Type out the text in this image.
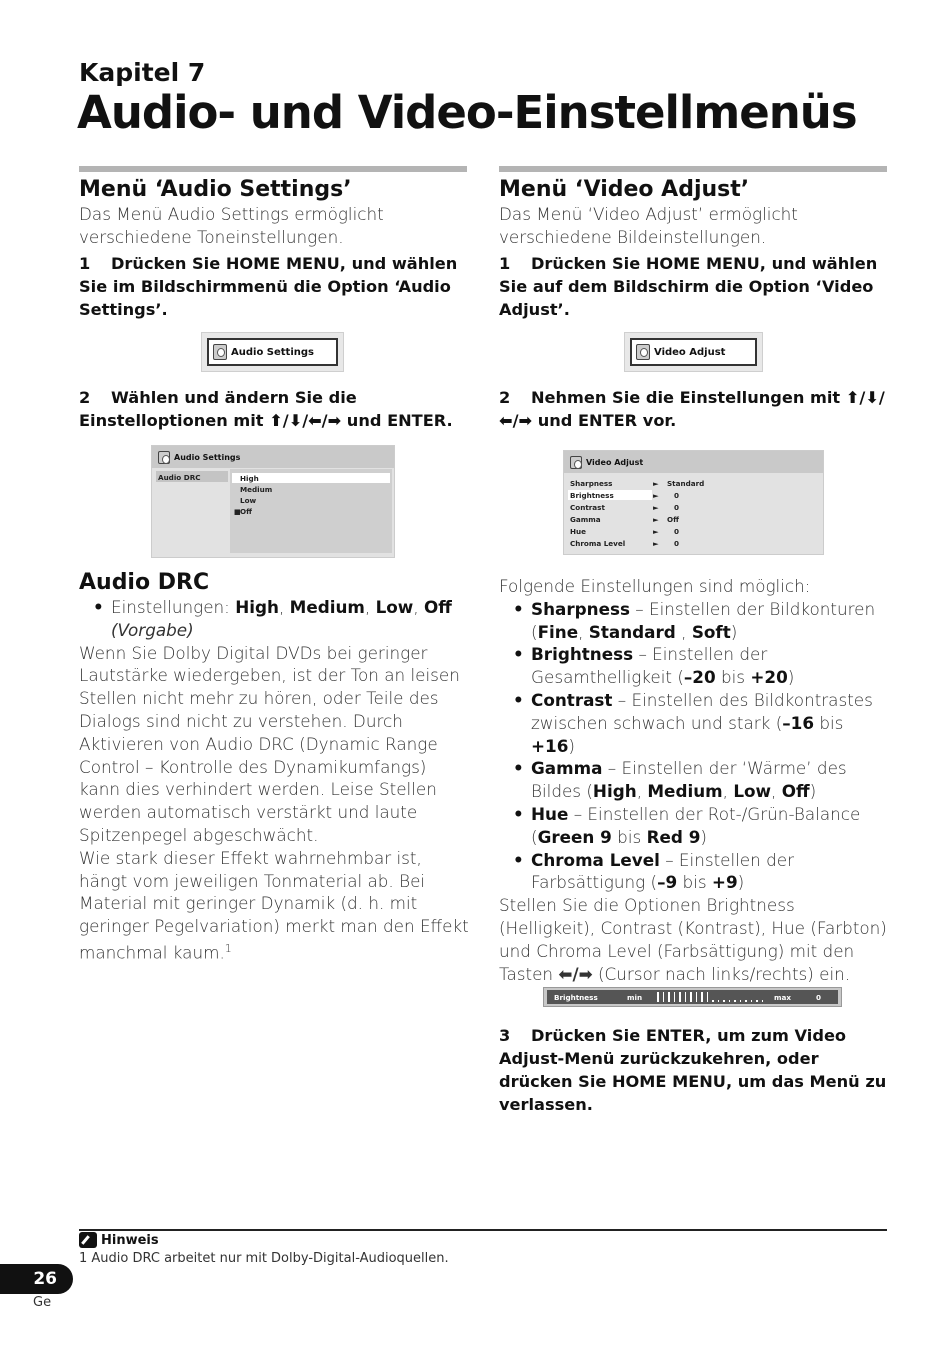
Kapitel 7
Audio- und Video-Einstellmenüs
Menü ‘Audio Settings’
Das Menü Audio Settings ermöglicht verschiedene Toneinstellungen.
1 Drücken Sie HOME MENU, und wählen Sie im Bildschirmmenü die Option ‘Audio Settings’.
Audio Settings
2 Wählen und ändern Sie die Einstelloptionen mit ⬆/⬇/⬅/➡ und ENTER.
Audio Settings
Audio DRC	High
Medium
Low
■ Off
Audio DRC
• Einstellungen: High, Medium, Low, Off (Vorgabe)
Wenn Sie Dolby Digital DVDs bei geringer Lautstärke wiedergeben, ist der Ton an leisen Stellen nicht mehr zu hören, oder Teile des Dialogs sind nicht zu verstehen. Durch Aktivieren von Audio DRC (Dynamic Range Control – Kontrolle des Dynamikumfangs) kann dies verhindert werden. Leise Stellen werden automatisch verstärkt und laute Spitzenpegel abgeschwächt.
Wie stark dieser Effekt wahrnehmbar ist, hängt vom jeweiligen Tonmaterial ab. Bei Material mit geringer Dynamik (d. h. mit geringer Pegelvariation) merkt man den Effekt manchmal kaum.$^1$
Menü ‘Video Adjust’
Das Menü ‘Video Adjust’ ermöglicht verschiedene Bildeinstellungen.
1 Drücken Sie HOME MENU, und wählen Sie auf dem Bildschirm die Option ‘Video Adjust’.
Video Adjust
2 Nehmen Sie die Einstellungen mit ⬆/⬇/ ⬅/➡ und ENTER vor.
Video Adjust
Sharpness	► Standard
Brightness	► 0
Contrast	► 0
Gamma	► Off
Hue	► 0
Chroma Level	► 0
Folgende Einstellungen sind möglich:
• Sharpness – Einstellen der Bildkonturen (Fine, Standard , Soft)
• Brightness – Einstellen der Gesamthelligkeit (–20 bis +20)
• Contrast – Einstellen des Bildkontrastes zwischen schwach und stark (–16 bis +16)
• Gamma – Einstellen der ‘Wärme’ des Bildes (High, Medium, Low, Off)
• Hue – Einstellen der Rot-/Grün-Balance (Green 9 bis Red 9)
• Chroma Level – Einstellen der Farbsättigung (–9 bis +9)
Stellen Sie die Optionen Brightness (Helligkeit), Contrast (Kontrast), Hue (Farbton) und Chroma Level (Farbsättigung) mit den Tasten ⬅/➡ (Cursor nach links/rechts) ein.
Brightness	min	max	0
3 Drücken Sie ENTER, um zum Video Adjust-Menü zurückzukehren, oder drücken Sie HOME MENU, um das Menü zu verlassen.
Hinweis
1 Audio DRC arbeitet nur mit Dolby-Digital-Audioquellen.
26
Ge
